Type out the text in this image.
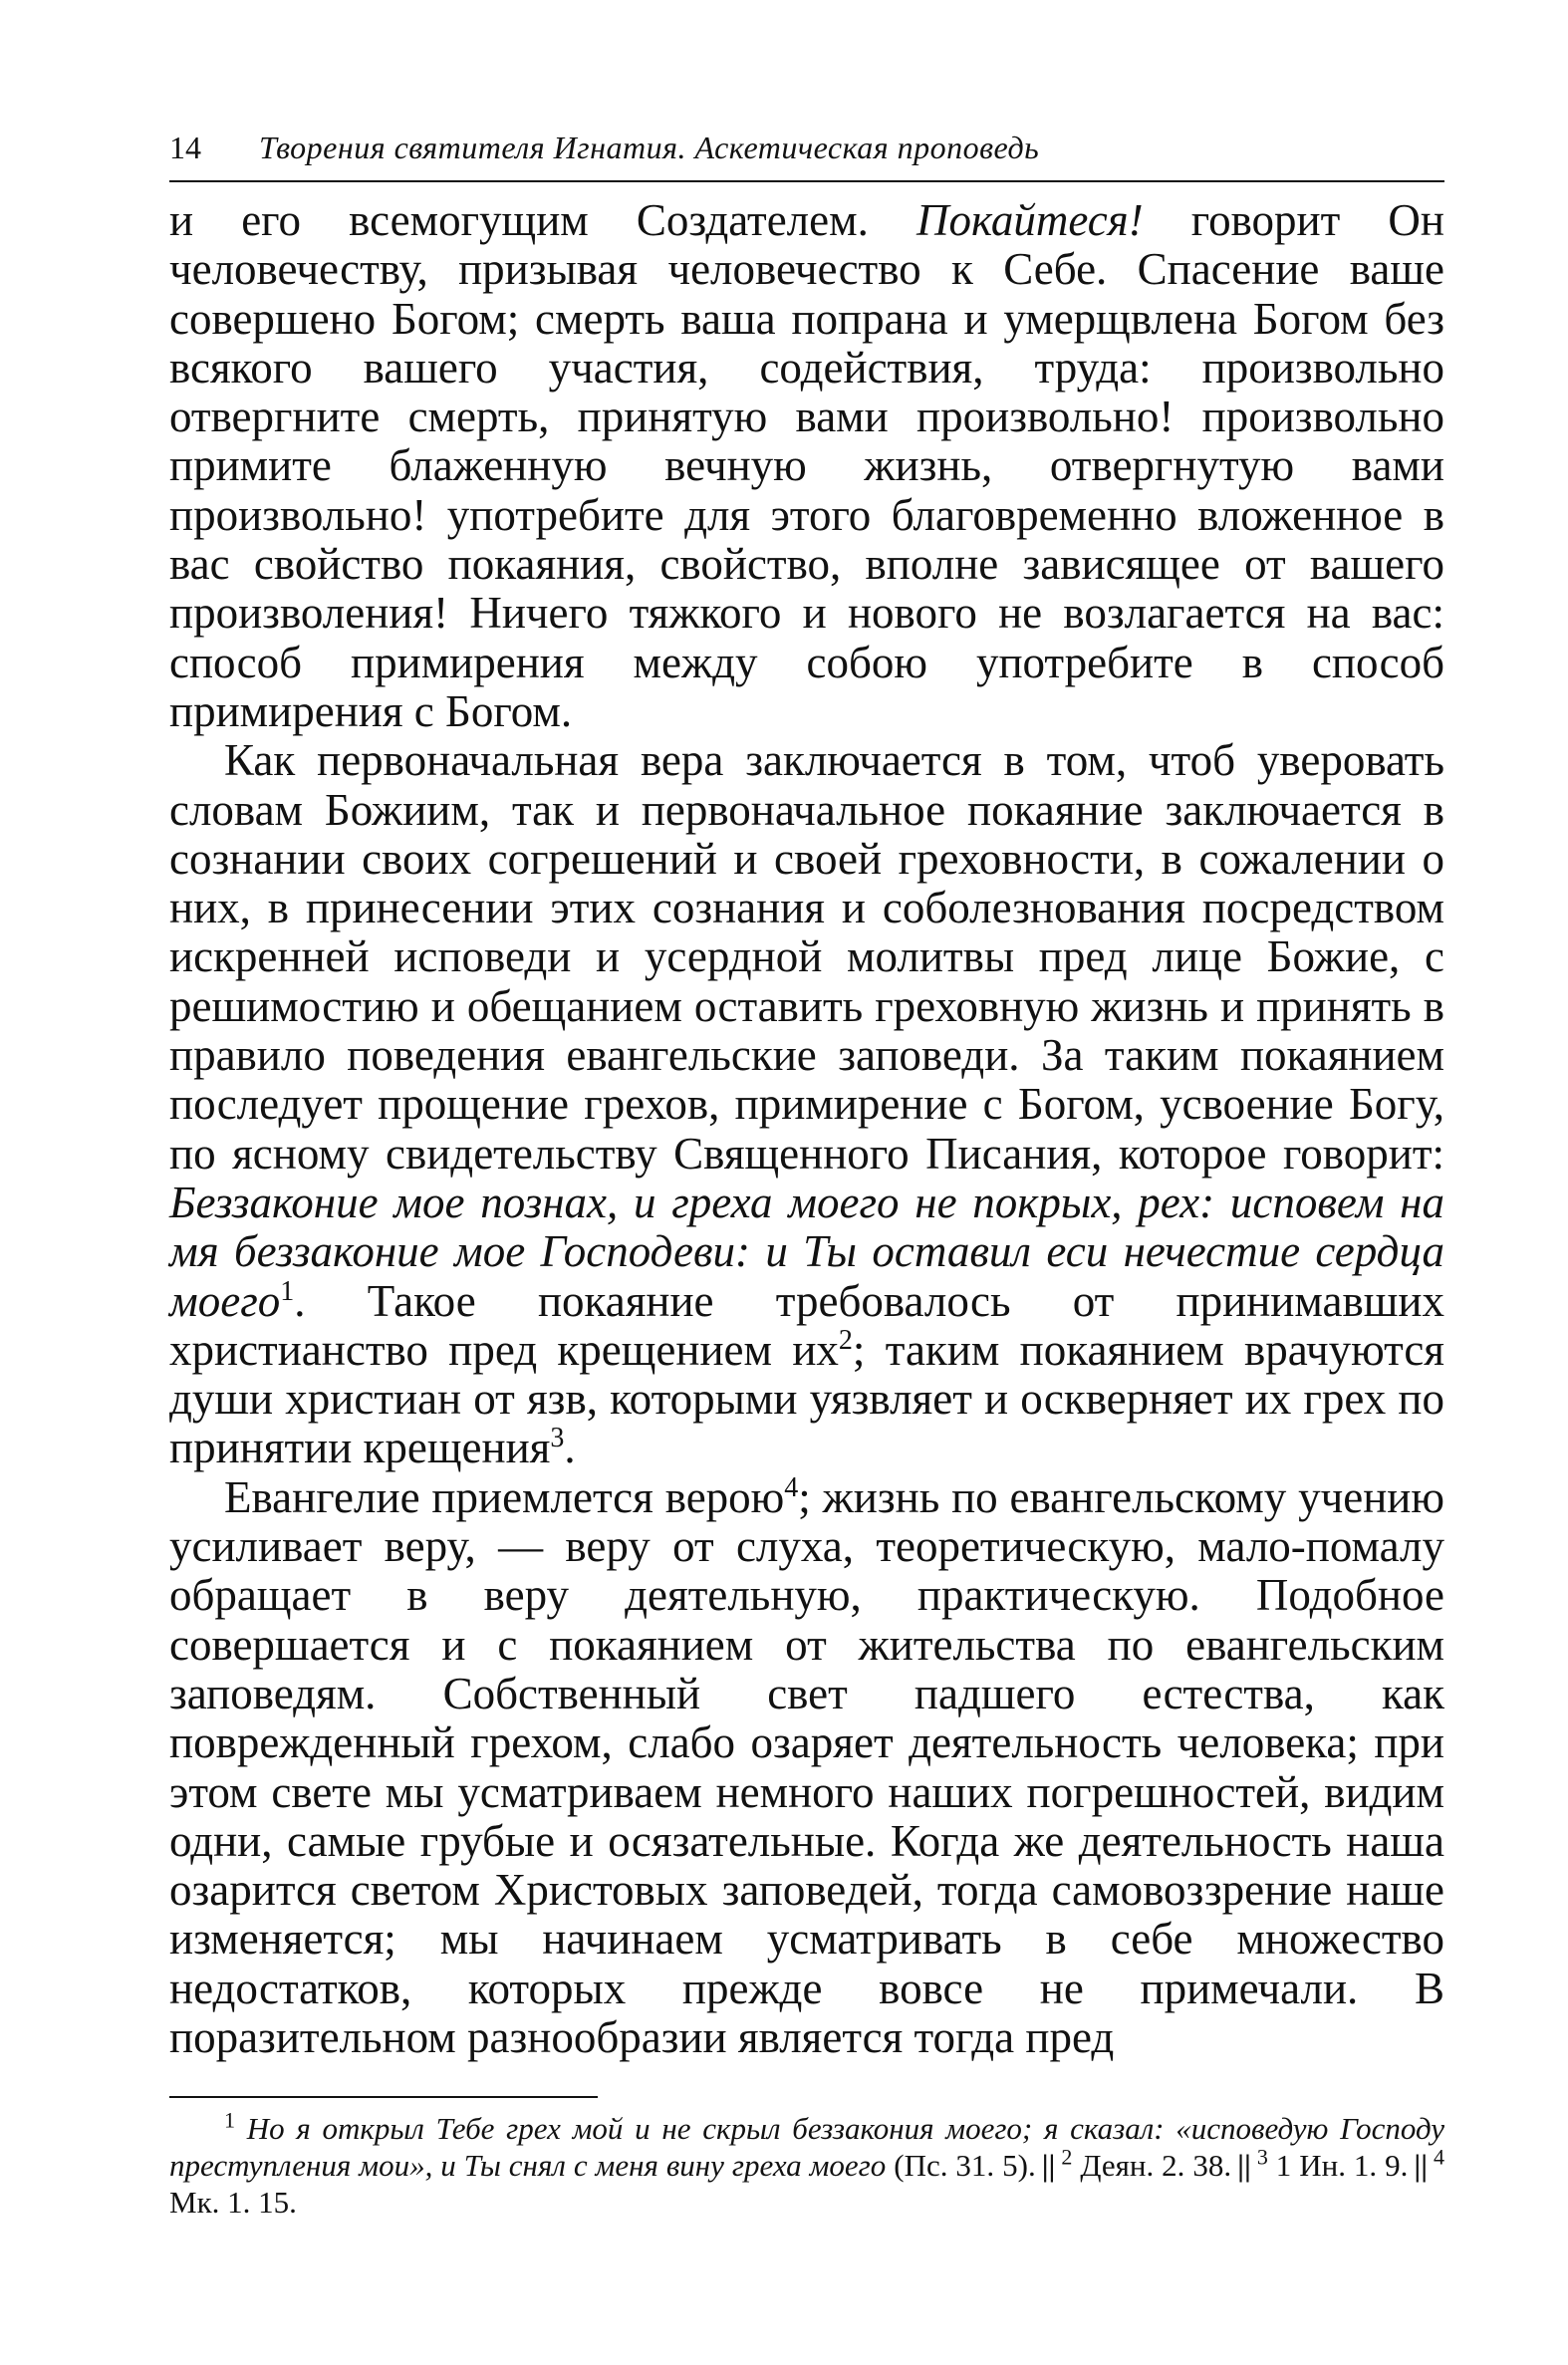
14	Творения святителя Игнатия. Аскетическая проповедь

и его всемогущим Создателем. Покайтеся! говорит Он человечеству, призывая человечество к Себе. Спасение ваше совершено Богом; смерть ваша попрана и умерщвлена Богом без всякого вашего участия, содействия, труда: произвольно отвергните смерть, принятую вами произвольно! произвольно примите блаженную вечную жизнь, отвергнутую вами произвольно! употребите для этого благовременно вложенное в вас свойство покаяния, свойство, вполне зависящее от вашего произволения! Ничего тяжкого и нового не возлагается на вас: способ примирения между собою употребите в способ примирения с Богом.

Как первоначальная вера заключается в том, чтоб уверовать словам Божиим, так и первоначальное покаяние заключается в сознании своих согрешений и своей греховности, в сожалении о них, в принесении этих сознания и соболезнования посредством искренней исповеди и усердной молитвы пред лице Божие, с решимостию и обещанием оставить греховную жизнь и принять в правило поведения евангельские заповеди. За таким покаянием последует прощение грехов, примирение с Богом, усвоение Богу, по ясному свидетельству Священного Писания, которое говорит: Беззаконие мое познах, и греха моего не покрых, рех: исповем на мя беззаконие мое Господеви: и Ты оставил еси нечестие сердца моего$^1$. Такое покаяние требовалось от принимавших христианство пред крещением $их^2$; таким покаянием врачуются души христиан от язв, которыми уязвляет и оскверняет их грех по принятии крещения$^3$.

Евангелие приемлется верою$^4$; жизнь по евангельскому учению усиливает веру, — веру от слуха, теоретическую, мало-помалу обращает в веру деятельную, практическую. Подобное совершается и с покаянием от жительства по евангельским заповедям. Собственный свет падшего естества, как поврежденный грехом, слабо озаряет деятельность человека; при этом свете мы усматриваем немного наших погрешностей, видим одни, самые грубые и осязательные. Когда же деятельность наша озарится светом Христовых заповедей, тогда самовоззрение наше изменяется; мы начинаем усматривать в себе множество недостатков, которых прежде вовсе не примечали. В поразительном разнообразии является тогда пред

$^1$ Но я открыл Тебе грех мой и не скрыл беззакония моего; я сказал: «исповедую Господу преступления мои», и Ты снял с меня вину греха моего (Пс. 31. 5). || $^2$ Деян. 2. 38. || $^3$ 1 Ин. 1. 9. || $^4$ Мк. 1. 15.
